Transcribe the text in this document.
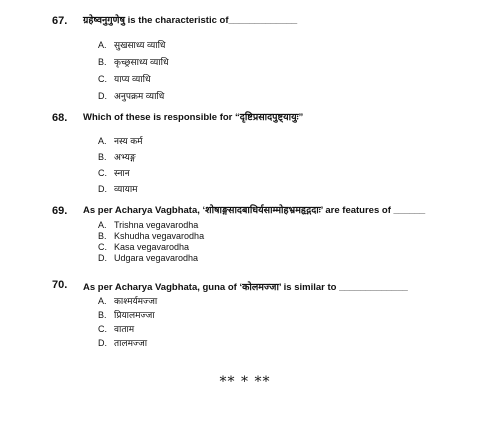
67. ग्रहेष्वनुगुणेषु is the characteristic of_____________
A. सुखसाध्य व्याधि
B. कृच्छ्रसाध्य व्याधि
C. याप्य व्याधि
D. अनुपक्रम व्याधि
68. Which of these is responsible for “दृष्टिप्रसादपुष्ट्यायुः”
A. नस्य कर्म
B. अभ्यङ्ग
C. स्नान
D. व्यायाम
69. As per Acharya Vagbhata, ‘शोषाङ्गसादबाधिर्यसाम्मोहभ्रमहृद्गदाः’ are features of ______
A. Trishna vegavarodha
B. Kshudha vegavarodha
C. Kasa vegavarodha
D. Udgara vegavarodha
70. As per Acharya Vagbhata, guna of ‘कोलमज्जा’ is similar to _____________
A. काश्मर्यमज्जा
B. प्रियालमज्जा
C. वाताम
D. तालमज्जा
** * **
